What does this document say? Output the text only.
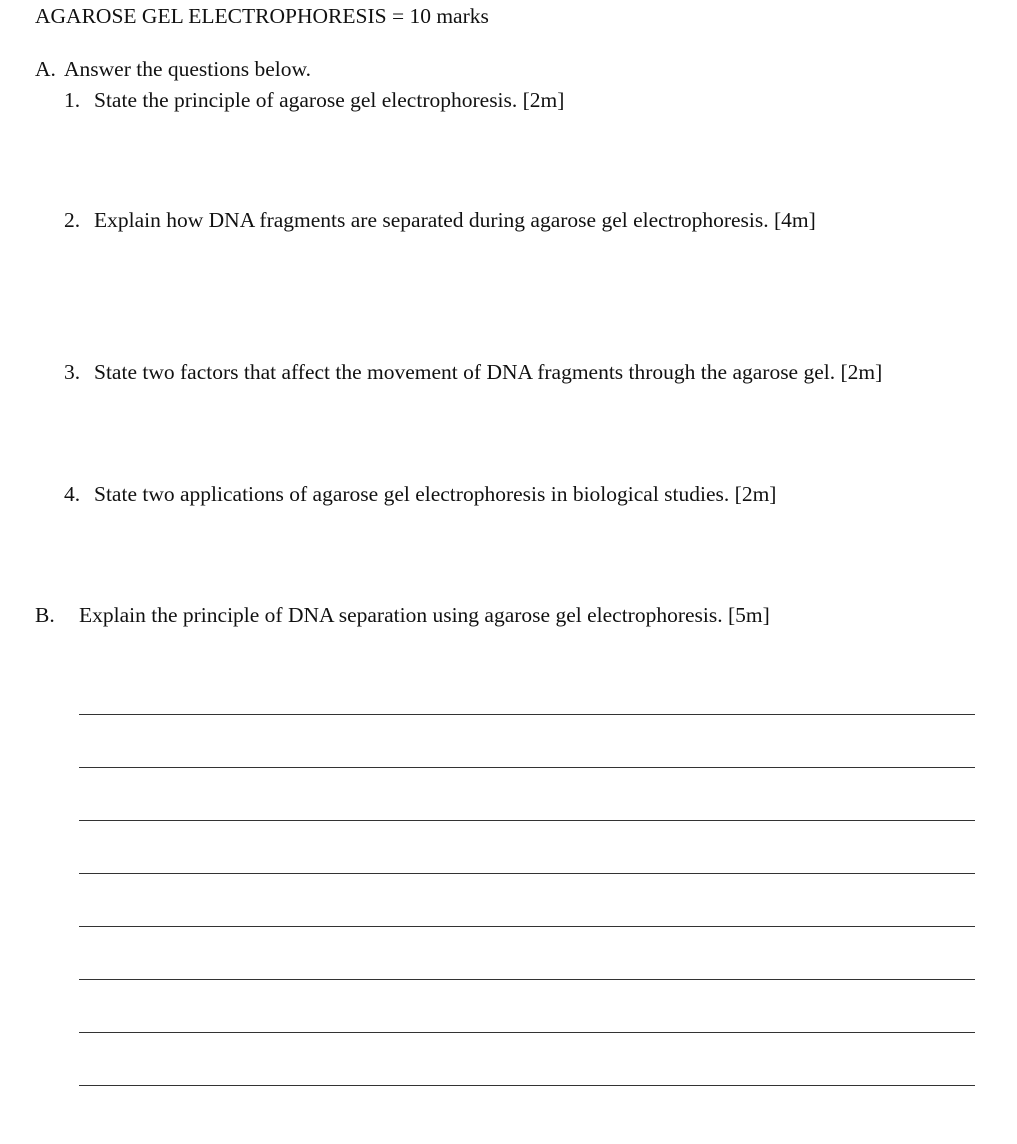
AGAROSE GEL ELECTROPHORESIS = 10 marks
A. Answer the questions below.
1. State the principle of agarose gel electrophoresis. [2m]
2. Explain how DNA fragments are separated during agarose gel electrophoresis. [4m]
3. State two factors that affect the movement of DNA fragments through the agarose gel. [2m]
4. State two applications of agarose gel electrophoresis in biological studies. [2m]
B. Explain the principle of DNA separation using agarose gel electrophoresis. [5m]
